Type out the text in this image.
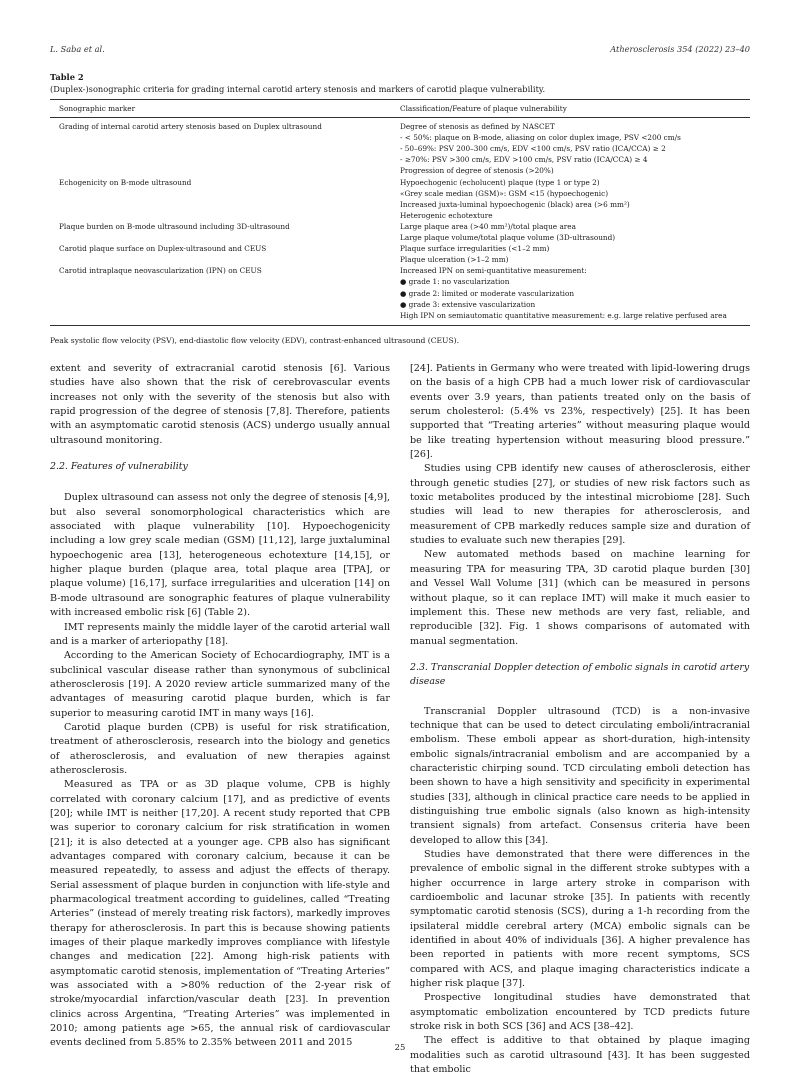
L. Saba et al.	Atherosclerosis 354 (2022) 23–40
Table 2
(Duplex-)sonographic criteria for grading internal carotid artery stenosis and markers of carotid plaque vulnerability.
Sonographic marker	Classification/Feature of plaque vulnerability
Grading of internal carotid artery stenosis based on Duplex ultrasound	Degree of stenosis as defined by NASCET
- < 50%: plaque on B-mode, aliasing on color duplex image, PSV <200 cm/s
- 50–69%: PSV 200–300 cm/s, EDV <100 cm/s, PSV ratio (ICA/CCA) ≥ 2
- ≥70%: PSV >300 cm/s, EDV >100 cm/s, PSV ratio (ICA/CCA) ≥ 4
Progression of degree of stenosis (>20%)

Echogenicity on B-mode ultrasound	Hypoechogenic (echolucent) plaque (type 1 or type 2)
«Grey scale median (GSM)»: GSM <15 (hypoechogenic)
Increased juxta-luminal hypoechogenic (black) area (>6 mm²)
Heterogenic echotexture

Plaque burden on B-mode ultrasound including 3D-ultrasound	Large plaque area (>40 mm²)/total plaque area
Large plaque volume/total plaque volume (3D-ultrasound)

Carotid plaque surface on Duplex-ultrasound and CEUS	Plaque surface irregularities (<1–2 mm)
Plaque ulceration (>1–2 mm)

Carotid intraplaque neovascularization (IPN) on CEUS	Increased IPN on semi-quantitative measurement:
● grade 1: no vascularization
● grade 2: limited or moderate vascularization
● grade 3: extensive vascularization
High IPN on semiautomatic quantitative measurement: e.g. large relative perfused area
Peak systolic flow velocity (PSV), end-diastolic flow velocity (EDV), contrast-enhanced ultrasound (CEUS).

extent and severity of extracranial carotid stenosis [6]. Various studies have also shown that the risk of cerebrovascular events increases not only with the severity of the stenosis but also with rapid progression of the degree of stenosis [7,8]. Therefore, patients with an asymptomatic carotid stenosis (ACS) undergo usually annual ultrasound monitoring.

2.2. Features of vulnerability

Duplex ultrasound can assess not only the degree of stenosis [4,9], but also several sonomorphological characteristics which are associated with plaque vulnerability [10]. Hypoechogenicity including a low grey scale median (GSM) [11,12], large juxtaluminal hypoechogenic area [13], heterogeneous echotexture [14,15], or higher plaque burden (plaque area, total plaque area [TPA], or plaque volume) [16,17], surface irregularities and ulceration [14] on B-mode ultrasound are sonographic features of plaque vulnerability with increased embolic risk [6] (Table 2).

IMT represents mainly the middle layer of the carotid arterial wall and is a marker of arteriopathy [18].

According to the American Society of Echocardiography, IMT is a subclinical vascular disease rather than synonymous of subclinical atherosclerosis [19]. A 2020 review article summarized many of the advantages of measuring carotid plaque burden, which is far superior to measuring carotid IMT in many ways [16].

Carotid plaque burden (CPB) is useful for risk stratification, treatment of atherosclerosis, research into the biology and genetics of atherosclerosis, and evaluation of new therapies against atherosclerosis.

Measured as TPA or as 3D plaque volume, CPB is highly correlated with coronary calcium [17], and as predictive of events [20]; while IMT is neither [17,20]. A recent study reported that CPB was superior to coronary calcium for risk stratification in women [21]; it is also detected at a younger age. CPB also has significant advantages compared with coronary calcium, because it can be measured repeatedly, to assess and adjust the effects of therapy. Serial assessment of plaque burden in conjunction with life-style and pharmacological treatment according to guidelines, called “Treating Arteries” (instead of merely treating risk factors), markedly improves therapy for atherosclerosis. In part this is because showing patients images of their plaque markedly improves compliance with lifestyle changes and medication [22]. Among high-risk patients with asymptomatic carotid stenosis, implementation of “Treating Arteries” was associated with a >80% reduction of the 2-year risk of stroke/myocardial infarction/vascular death [23]. In prevention clinics across Argentina, “Treating Arteries” was implemented in 2010; among patients age >65, the annual risk of cardiovascular events declined from 5.85% to 2.35% between 2011 and 2015

[24]. Patients in Germany who were treated with lipid-lowering drugs on the basis of a high CPB had a much lower risk of cardiovascular events over 3.9 years, than patients treated only on the basis of serum cholesterol: (5.4% vs 23%, respectively) [25]. It has been supported that “Treating arteries” without measuring plaque would be like treating hypertension without measuring blood pressure.” [26].

Studies using CPB identify new causes of atherosclerosis, either through genetic studies [27], or studies of new risk factors such as toxic metabolites produced by the intestinal microbiome [28]. Such studies will lead to new therapies for atherosclerosis, and measurement of CPB markedly reduces sample size and duration of studies to evaluate such new therapies [29].

New automated methods based on machine learning for measuring TPA for measuring TPA, 3D carotid plaque burden [30] and Vessel Wall Volume [31] (which can be measured in persons without plaque, so it can replace IMT) will make it much easier to implement this. These new methods are very fast, reliable, and reproducible [32]. Fig. 1 shows comparisons of automated with manual segmentation.

2.3. Transcranial Doppler detection of embolic signals in carotid artery disease

Transcranial Doppler ultrasound (TCD) is a non-invasive technique that can be used to detect circulating emboli/intracranial embolism. These emboli appear as short-duration, high-intensity embolic signals/intracranial embolism and are accompanied by a characteristic chirping sound. TCD circulating emboli detection has been shown to have a high sensitivity and specificity in experimental studies [33], although in clinical practice care needs to be applied in distinguishing true embolic signals (also known as high-intensity transient signals) from artefact. Consensus criteria have been developed to allow this [34].

Studies have demonstrated that there were differences in the prevalence of embolic signal in the different stroke subtypes with a higher occurrence in large artery stroke in comparison with cardioembolic and lacunar stroke [35]. In patients with recently symptomatic carotid stenosis (SCS), during a 1-h recording from the ipsilateral middle cerebral artery (MCA) embolic signals can be identified in about 40% of individuals [36]. A higher prevalence has been reported in patients with more recent symptoms, SCS compared with ACS, and plaque imaging characteristics indicate a higher risk plaque [37].

Prospective longitudinal studies have demonstrated that asymptomatic embolization encountered by TCD predicts future stroke risk in both SCS [36] and ACS [38–42].

The effect is additive to that obtained by plaque imaging modalities such as carotid ultrasound [43]. It has been suggested that embolic

25
